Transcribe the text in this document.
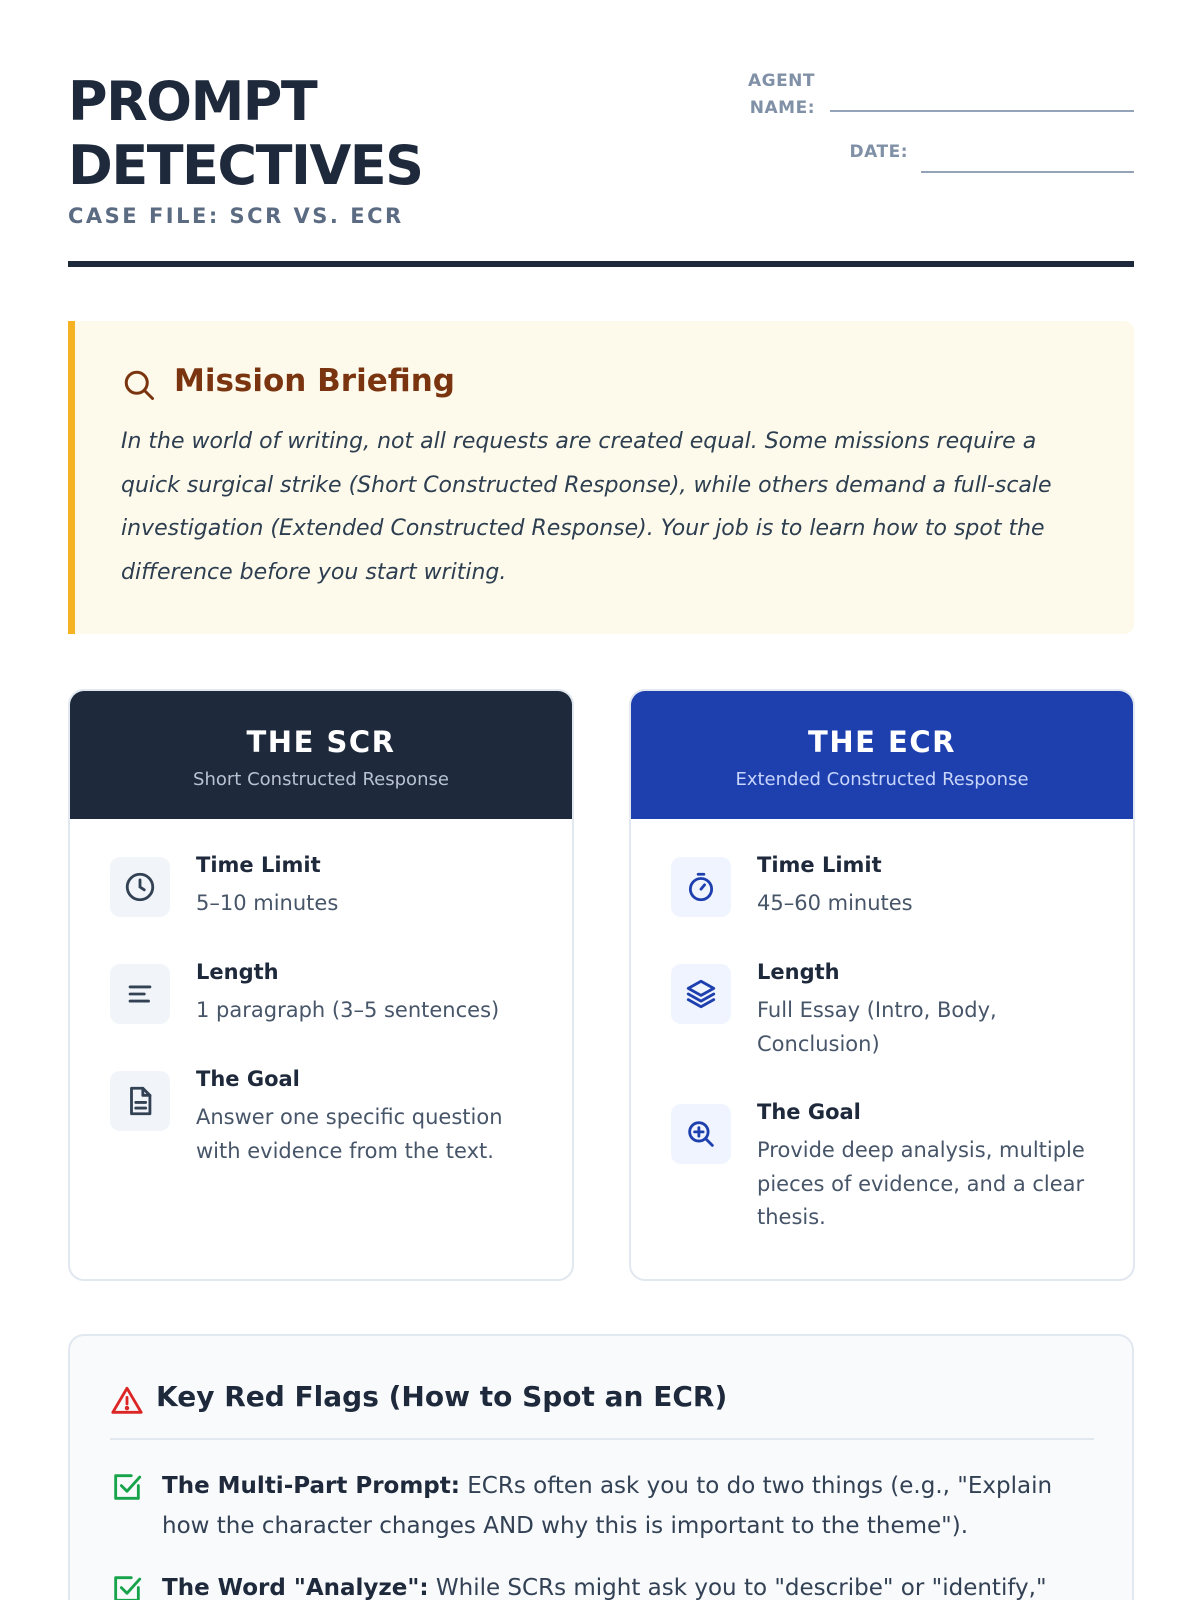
PROMPT
DETECTIVES
CASE FILE: SCR VS. ECR
AGENT
NAME:
DATE:
Mission Briefing
In the world of writing, not all requests are created equal. Some missions require a quick surgical strike (Short Constructed Response), while others demand a full-scale investigation (Extended Constructed Response). Your job is to learn how to spot the difference before you start writing.
THE SCR
Short Constructed Response
Time Limit
5–10 minutes
Length
1 paragraph (3–5 sentences)
The Goal
Answer one specific question with evidence from the text.
THE ECR
Extended Constructed Response
Time Limit
45–60 minutes
Length
Full Essay (Intro, Body, Conclusion)
The Goal
Provide deep analysis, multiple pieces of evidence, and a clear thesis.
Key Red Flags (How to Spot an ECR)
The Multi-Part Prompt: ECRs often ask you to do two things (e.g., "Explain how the character changes AND why this is important to the theme").
The Word "Analyze": While SCRs might ask you to "describe" or "identify,"
